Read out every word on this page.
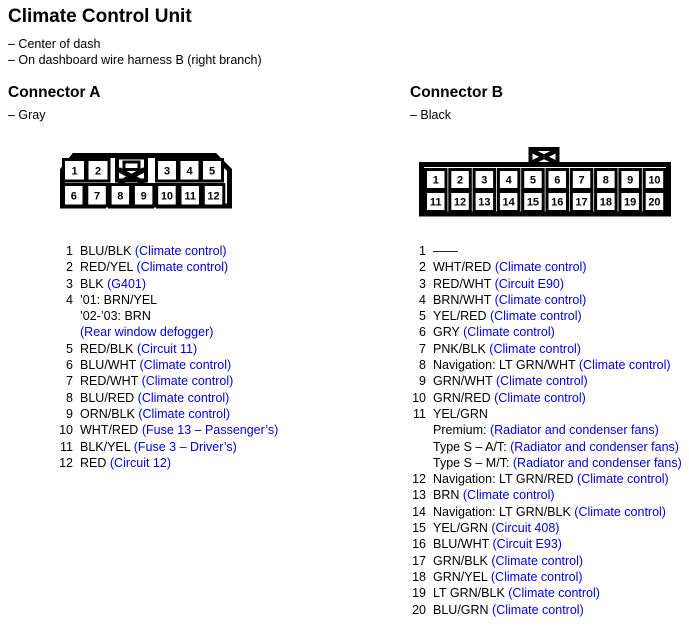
Climate Control Unit
– Center of dash
– On dashboard wire harness B (right branch)
Connector A
– Gray
1 2	3 4 5
6 7 8 9 10 11 12
1 BLU/BLK (Climate control)
2 RED/YEL (Climate control)
3 BLK (G401)
4 ’01: BRN/YEL
’02-’03: BRN
(Rear window defogger)
5 RED/BLK (Circuit 11)
6 BLU/WHT (Climate control)
7 RED/WHT (Climate control)
8 BLU/RED (Climate control)
9 ORN/BLK (Climate control)
10 WHT/RED (Fuse 13 – Passenger’s)
11 BLK/YEL (Fuse 3 – Driver’s)
12 RED (Circuit 12)
Connector B
– Black
1 2 3 4 5 6 7 8 9 10
11 12 13 14 15 16 17 18 19 20
1 ——
2 WHT/RED (Climate control)
3 RED/WHT (Circuit E90)
4 BRN/WHT (Climate control)
5 YEL/RED (Climate control)
6 GRY (Climate control)
7 PNK/BLK (Climate control)
8 Navigation: LT GRN/WHT (Climate control)
9 GRN/WHT (Climate control)
10 GRN/RED (Climate control)
11 YEL/GRN
Premium: (Radiator and condenser fans)
Type S – A/T: (Radiator and condenser fans)
Type S – M/T: (Radiator and condenser fans)
12 Navigation: LT GRN/RED (Climate control)
13 BRN (Climate control)
14 Navigation: LT GRN/BLK (Climate control)
15 YEL/GRN (Circuit 408)
16 BLU/WHT (Circuit E93)
17 GRN/BLK (Climate control)
18 GRN/YEL (Climate control)
19 LT GRN/BLK (Climate control)
20 BLU/GRN (Climate control)
